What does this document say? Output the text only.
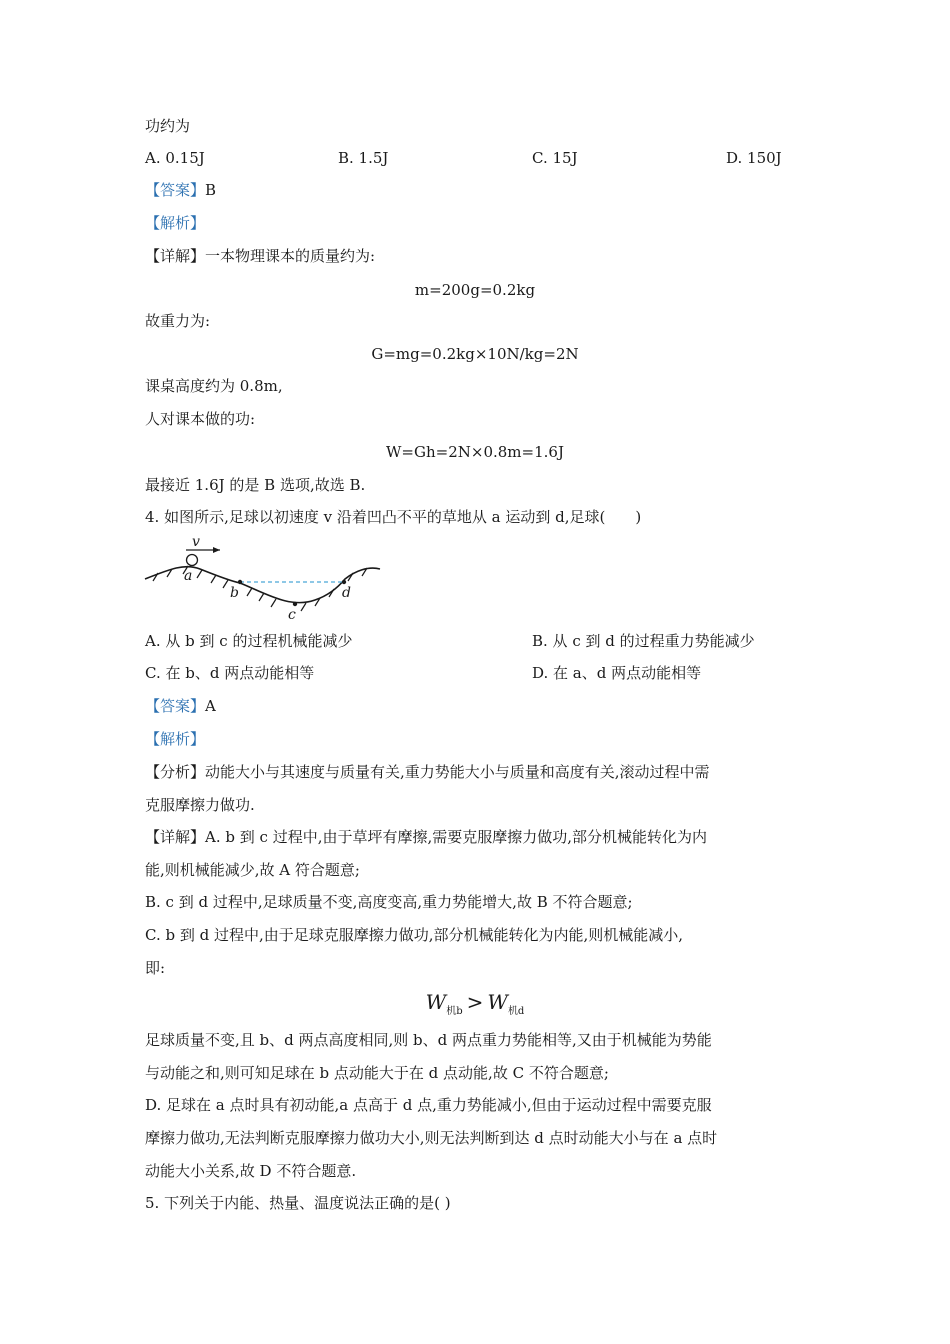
功约为
A. 0.15J	B. 1.5J	C. 15J	D. 150J
【答案】B
【解析】
【详解】一本物理课本的质量约为:
m=200g=0.2kg
故重力为:
G=mg=0.2kg×10N/kg=2N
课桌高度约为 0.8m,
人对课本做的功:
W=Gh=2N×0.8m=1.6J
最接近 1.6J 的是 B 选项,故选 B.
4. 如图所示,足球以初速度 v 沿着凹凸不平的草地从 a 运动到 d,足球(　　)
v
a
b
c
d
A. 从 b 到 c 的过程机械能减少	B. 从 c 到 d 的过程重力势能减少
C. 在 b、d 两点动能相等	D. 在 a、d 两点动能相等
【答案】A
【解析】
【分析】动能大小与其速度与质量有关,重力势能大小与质量和高度有关,滚动过程中需
克服摩擦力做功.
【详解】A. b 到 c 过程中,由于草坪有摩擦,需要克服摩擦力做功,部分机械能转化为内
能,则机械能减少,故 A 符合题意;
B. c 到 d 过程中,足球质量不变,高度变高,重力势能增大,故 B 不符合题意;
C. b 到 d 过程中,由于足球克服摩擦力做功,部分机械能转化为内能,则机械能减小,
即:
$W_{机b} > W_{机d}$
足球质量不变,且 b、d 两点高度相同,则 b、d 两点重力势能相等,又由于机械能为势能
与动能之和,则可知足球在 b 点动能大于在 d 点动能,故 C 不符合题意;
D. 足球在 a 点时具有初动能,a 点高于 d 点,重力势能减小,但由于运动过程中需要克服
摩擦力做功,无法判断克服摩擦力做功大小,则无法判断到达 d 点时动能大小与在 a 点时
动能大小关系,故 D 不符合题意.
5. 下列关于内能、热量、温度说法正确的是( )
